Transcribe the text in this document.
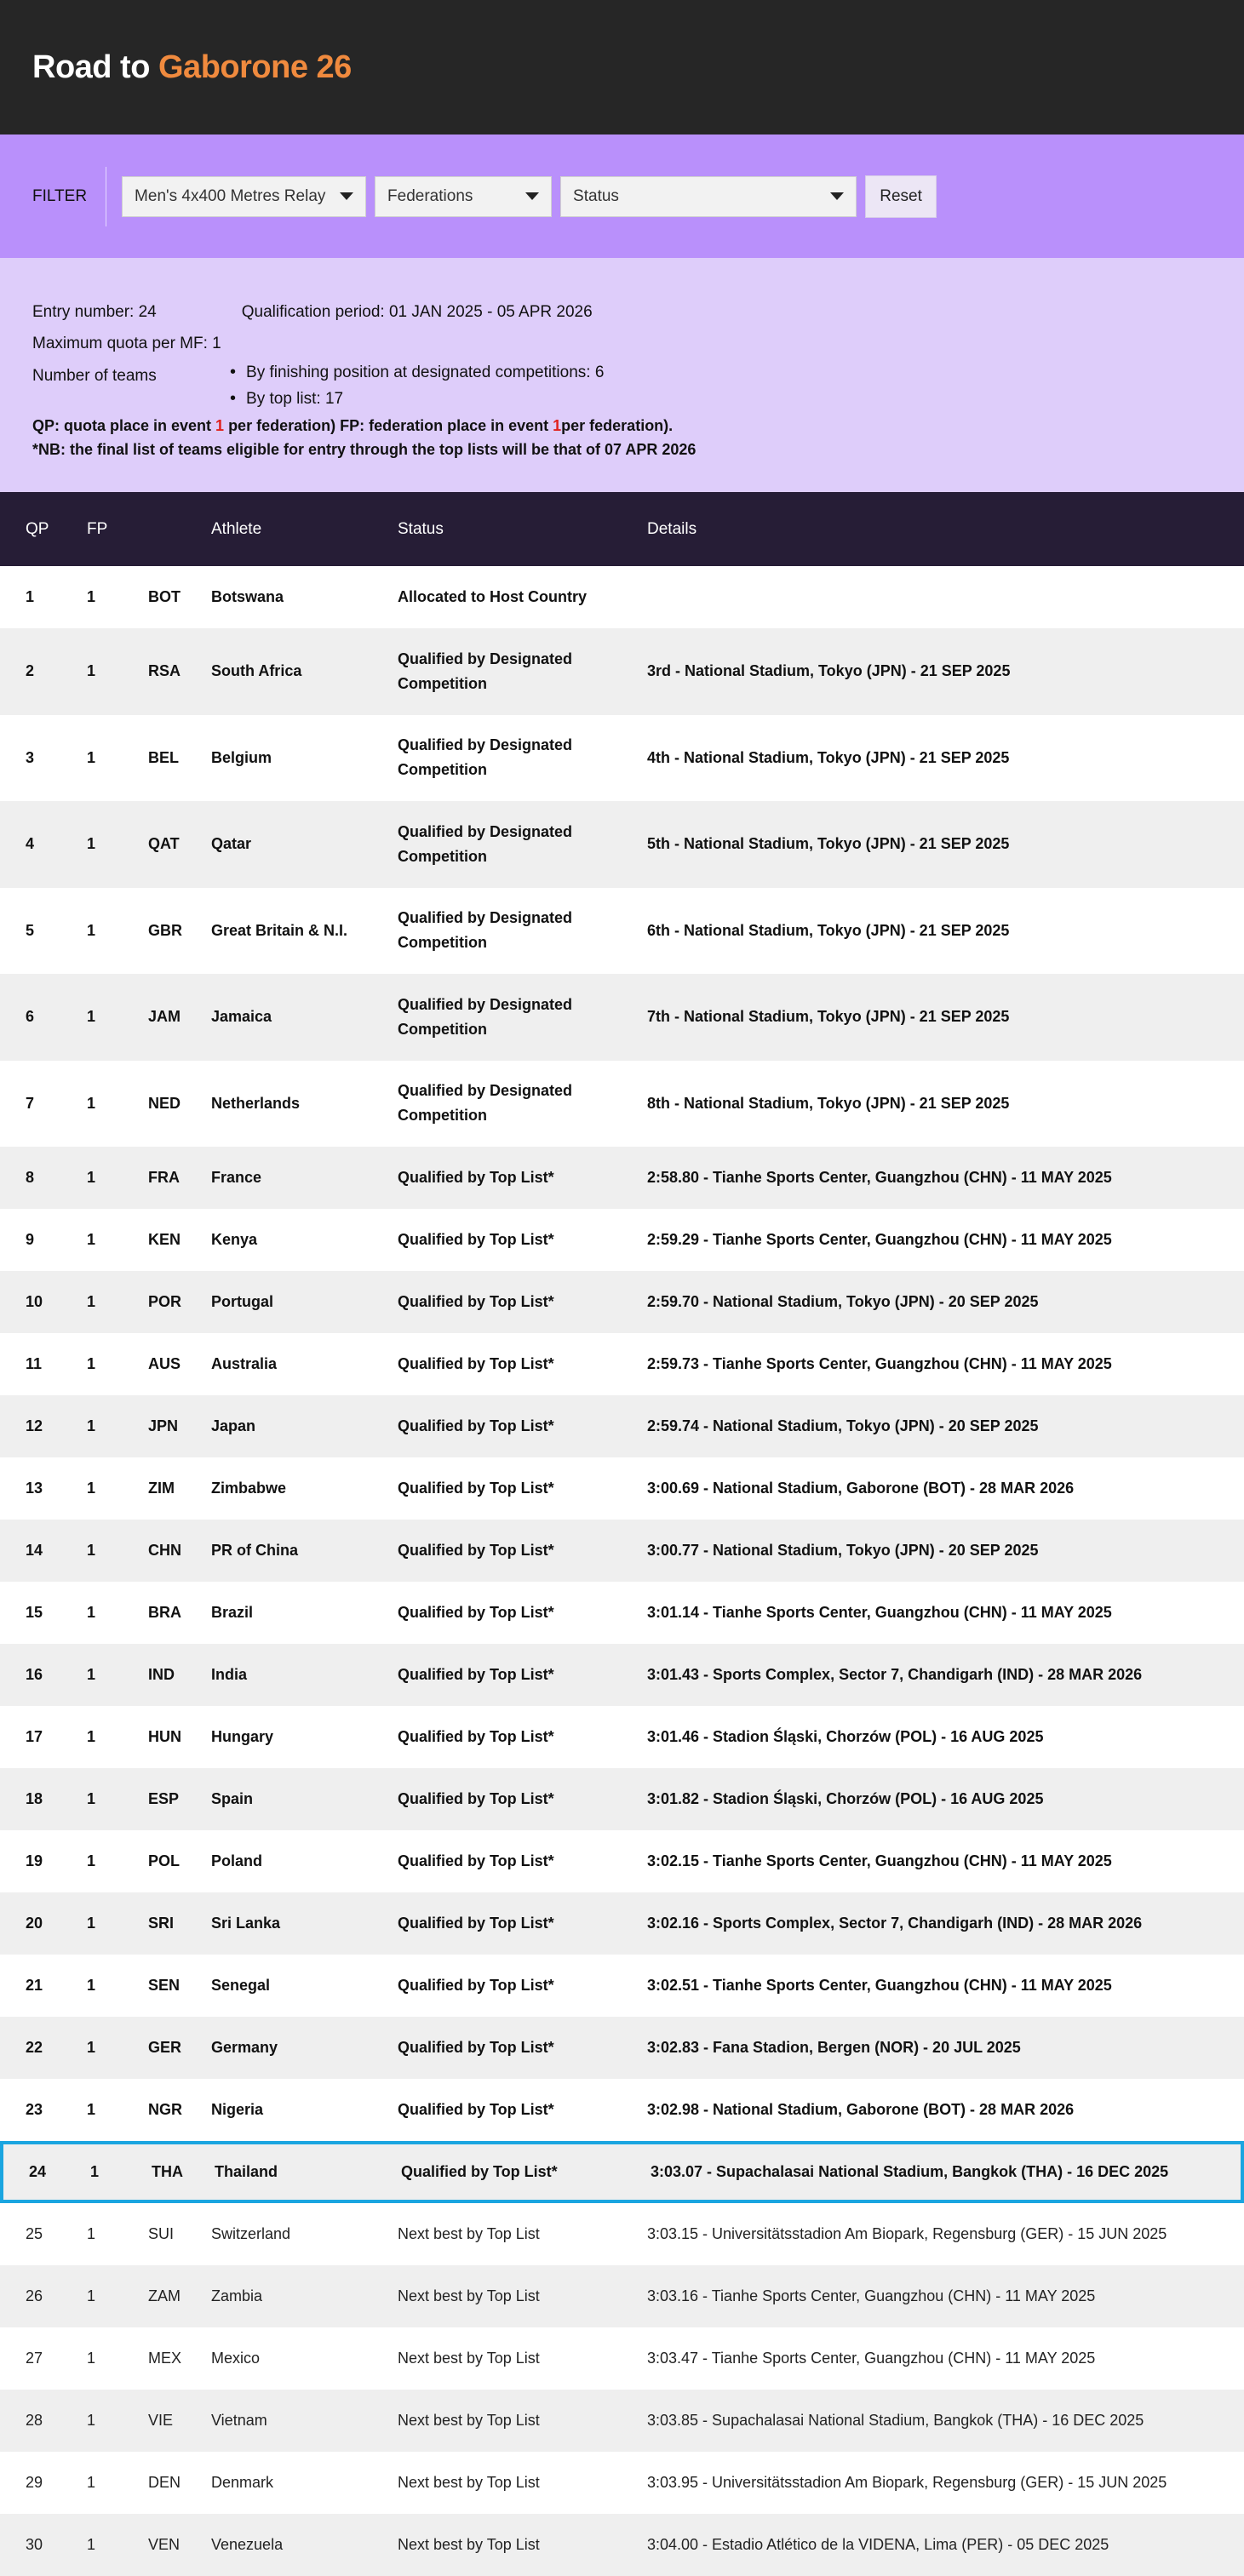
Road to Gaborone 26
FILTER	Men's 4x400 Metres Relay	Federations	Status	Reset
Entry number: 24	Qualification period: 01 JAN 2025 - 05 APR 2026
Maximum quota per MF: 1
Number of teams
•	By finishing position at designated competitions: 6
• By top list: 17
QP: quota place in event 1 per federation) FP: federation place in event 1per federation).
*NB: the final list of teams eligible for entry through the top lists will be that of 07 APR 2026
QP	FP	Athlete	Status	Details
1	1	BOT	Botswana	Allocated to Host Country
2	1	RSA	South Africa
Qualified by Designated Competition
3rd - National Stadium, Tokyo (JPN) - 21 SEP 2025
3	1	BEL	Belgium
Qualified by Designated Competition
4th - National Stadium, Tokyo (JPN) - 21 SEP 2025
4	1	QAT	Qatar
Qualified by Designated Competition
5th - National Stadium, Tokyo (JPN) - 21 SEP 2025
5	1	GBR	Great Britain & N.I.
Qualified by Designated Competition
6th - National Stadium, Tokyo (JPN) - 21 SEP 2025
6	1	JAM	Jamaica
Qualified by Designated Competition
7th - National Stadium, Tokyo (JPN) - 21 SEP 2025
7	1	NED	Netherlands
Qualified by Designated Competition
8th - National Stadium, Tokyo (JPN) - 21 SEP 2025
8	1	FRA	France	Qualified by Top List*	2:58.80 - Tianhe Sports Center, Guangzhou (CHN) - 11 MAY 2025
9	1	KEN	Kenya	Qualified by Top List*	2:59.29 - Tianhe Sports Center, Guangzhou (CHN) - 11 MAY 2025
10	1	POR	Portugal	Qualified by Top List*	2:59.70 - National Stadium, Tokyo (JPN) - 20 SEP 2025
11	1	AUS	Australia	Qualified by Top List*	2:59.73 - Tianhe Sports Center, Guangzhou (CHN) - 11 MAY 2025
12	1	JPN	Japan	Qualified by Top List*	2:59.74 - National Stadium, Tokyo (JPN) - 20 SEP 2025
13	1	ZIM	Zimbabwe	Qualified by Top List*	3:00.69 - National Stadium, Gaborone (BOT) - 28 MAR 2026
14	1	CHN	PR of China	Qualified by Top List*	3:00.77 - National Stadium, Tokyo (JPN) - 20 SEP 2025
15	1	BRA	Brazil	Qualified by Top List*	3:01.14 - Tianhe Sports Center, Guangzhou (CHN) - 11 MAY 2025
16	1	IND	India	Qualified by Top List*	3:01.43 - Sports Complex, Sector 7, Chandigarh (IND) - 28 MAR 2026
17	1	HUN	Hungary	Qualified by Top List*	3:01.46 - Stadion Śląski, Chorzów (POL) - 16 AUG 2025
18	1	ESP	Spain	Qualified by Top List*	3:01.82 - Stadion Śląski, Chorzów (POL) - 16 AUG 2025
19	1	POL	Poland	Qualified by Top List*	3:02.15 - Tianhe Sports Center, Guangzhou (CHN) - 11 MAY 2025
20	1	SRI	Sri Lanka	Qualified by Top List*	3:02.16 - Sports Complex, Sector 7, Chandigarh (IND) - 28 MAR 2026
21	1	SEN	Senegal	Qualified by Top List*	3:02.51 - Tianhe Sports Center, Guangzhou (CHN) - 11 MAY 2025
22	1	GER	Germany	Qualified by Top List*	3:02.83 - Fana Stadion, Bergen (NOR) - 20 JUL 2025
23	1	NGR	Nigeria	Qualified by Top List*	3:02.98 - National Stadium, Gaborone (BOT) - 28 MAR 2026
24	1	THA	Thailand	Qualified by Top List*	3:03.07 - Supachalasai National Stadium, Bangkok (THA) - 16 DEC 2025
25	1	SUI	Switzerland	Next best by Top List	3:03.15 - Universitätsstadion Am Biopark, Regensburg (GER) - 15 JUN 2025
26	1	ZAM	Zambia	Next best by Top List	3:03.16 - Tianhe Sports Center, Guangzhou (CHN) - 11 MAY 2025
27	1	MEX	Mexico	Next best by Top List	3:03.47 - Tianhe Sports Center, Guangzhou (CHN) - 11 MAY 2025
28	1	VIE	Vietnam	Next best by Top List	3:03.85 - Supachalasai National Stadium, Bangkok (THA) - 16 DEC 2025
29	1	DEN	Denmark	Next best by Top List	3:03.95 - Universitätsstadion Am Biopark, Regensburg (GER) - 15 JUN 2025
30	1	VEN	Venezuela	Next best by Top List	3:04.00 - Estadio Atlético de la VIDENA, Lima (PER) - 05 DEC 2025
